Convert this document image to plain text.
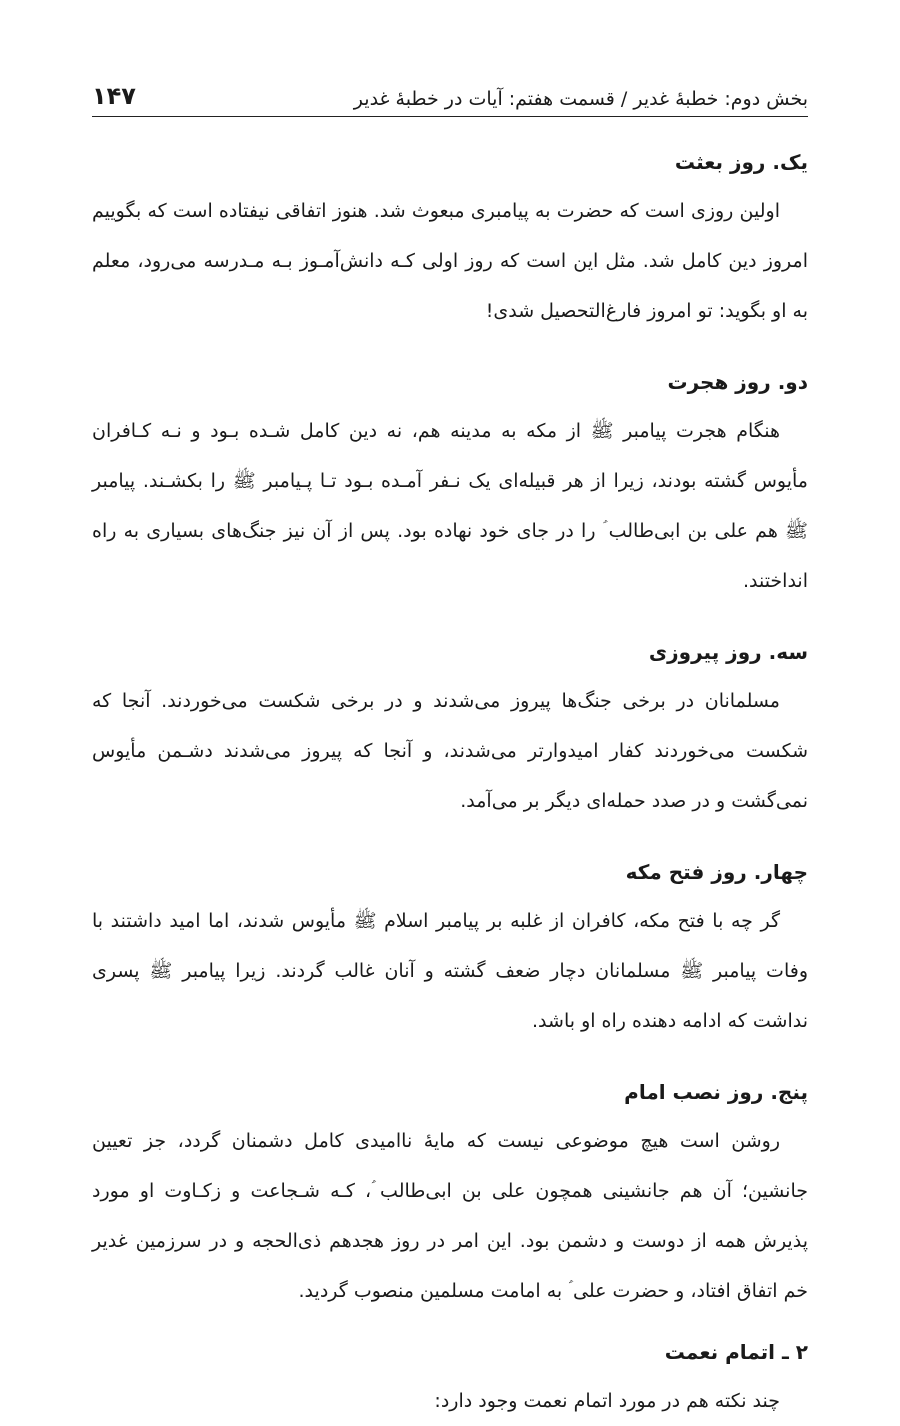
بخش دوم: خطبهٔ غدیر / قسمت هفتم: آیات در خطبهٔ غدیر
۱۴۷
یک. روز بعثت

اولین روزی است که حضرت به پیامبری مبعوث شد. هنوز اتفاقی نیفتاده است که بگوییم امروز دین کامل شد. مثل این است که روز اولی کـه دانش‌آمـوز بـه مـدرسه می‌رود، معلم به او بگوید: تو امروز فارغ‌التحصیل شدی!

دو. روز هجرت

هنگام هجرت پیامبر ﷺ از مکه به مدینه هم، نه دین کامل شـده بـود و نـه کـافران مأیوس گشته بودند، زیرا از هر قبیله‌ای یک نـفر آمـده بـود تـا پـیامبر ﷺ را بکشـند. پیامبر ﷺ هم علی بن ابی‌طالب ؑ را در جای خود نهاده بود. پس از آن نیز جنگ‌های بسیاری به راه انداختند.

سه. روز پیروزی

مسلمانان در برخی جنگ‌ها پیروز می‌شدند و در برخی شکست می‌خوردند. آنجا که شکست می‌خوردند کفار امیدوارتر می‌شدند، و آنجا که پیروز می‌شدند دشـمن مأیوس نمی‌گشت و در صدد حمله‌ای دیگر بر می‌آمد.

چهار. روز فتح مکه

گر چه با فتح مکه، کافران از غلبه بر پیامبر اسلام ﷺ مأیوس شدند، اما امید داشتند با وفات پیامبر ﷺ مسلمانان دچار ضعف گشته و آنان غالب گردند. زیرا پیامبر ﷺ پسری نداشت که ادامه دهنده راه او باشد.

پنج. روز نصب امام

روشن است هیچ موضوعی نیست که مایهٔ ناامیدی کامل دشمنان گردد، جز تعیین جانشین؛ آن هم جانشینی همچون علی بن ابی‌طالب ؑ، کـه شـجاعت و زکـاوت او مورد پذیرش همه از دوست و دشمن بود. این امر در روز هجدهم ذی‌الحجه و در سرزمین غدیر خم اتفاق افتاد، و حضرت علی ؑ به امامت مسلمین منصوب گردید.

۲ ـ اتمام نعمت

چند نکته هم در مورد اتمام نعمت وجود دارد:
